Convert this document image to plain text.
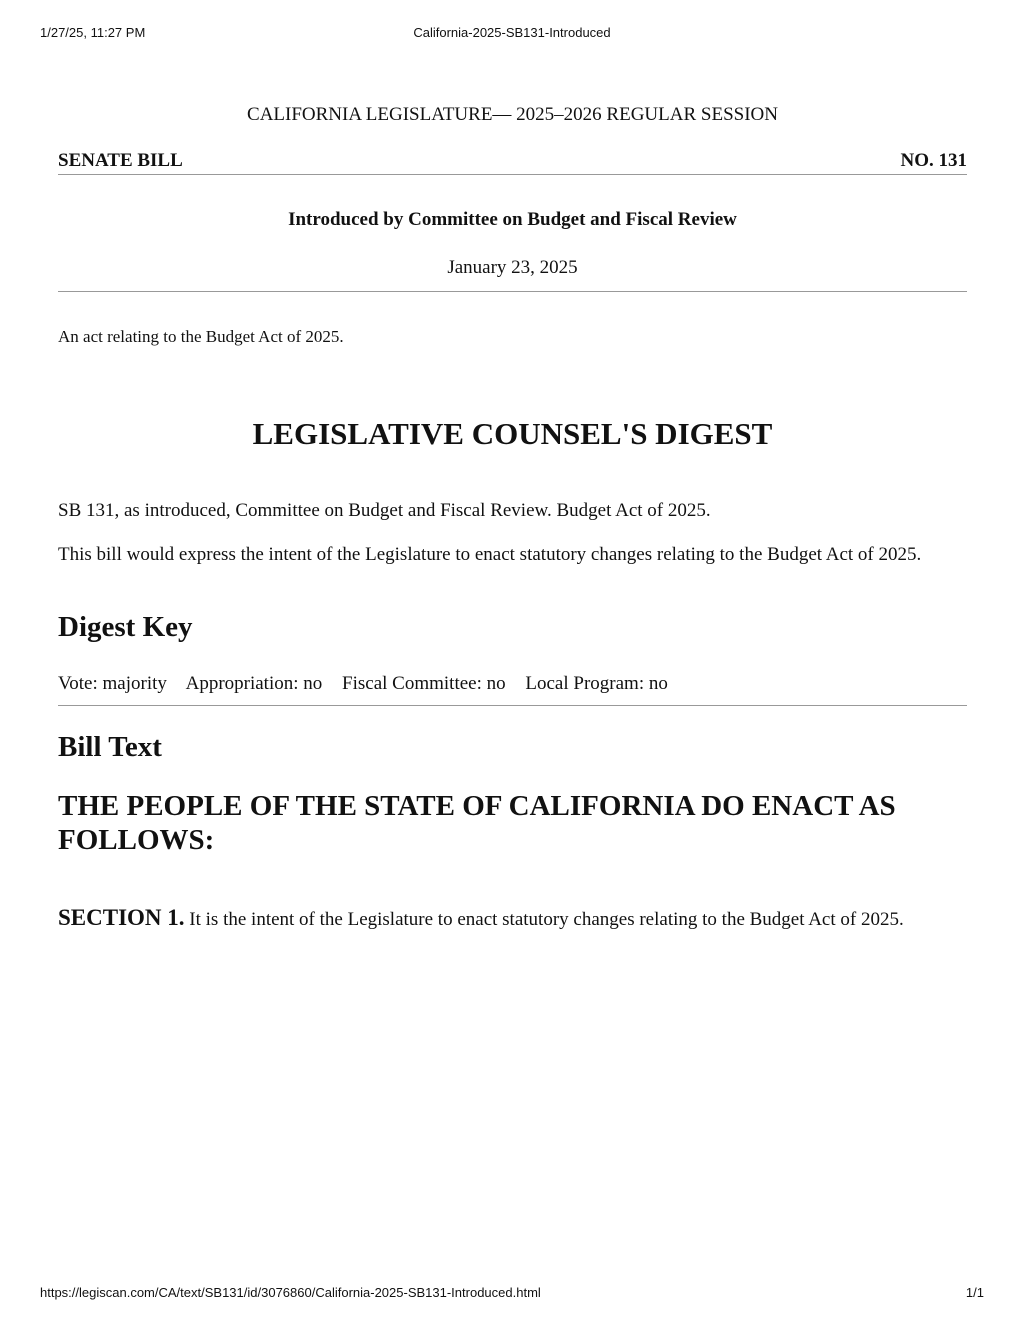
1/27/25, 11:27 PM	California-2025-SB131-Introduced
CALIFORNIA LEGISLATURE— 2025–2026 REGULAR SESSION
SENATE BILL	NO. 131
Introduced by Committee on Budget and Fiscal Review
January 23, 2025
An act relating to the Budget Act of 2025.
LEGISLATIVE COUNSEL'S DIGEST
SB 131, as introduced, Committee on Budget and Fiscal Review. Budget Act of 2025.
This bill would express the intent of the Legislature to enact statutory changes relating to the Budget Act of 2025.
Digest Key
Vote: majority Appropriation: no Fiscal Committee: no Local Program: no
Bill Text
THE PEOPLE OF THE STATE OF CALIFORNIA DO ENACT AS FOLLOWS:
SECTION 1. It is the intent of the Legislature to enact statutory changes relating to the Budget Act of 2025.
https://legiscan.com/CA/text/SB131/id/3076860/California-2025-SB131-Introduced.html	1/1
